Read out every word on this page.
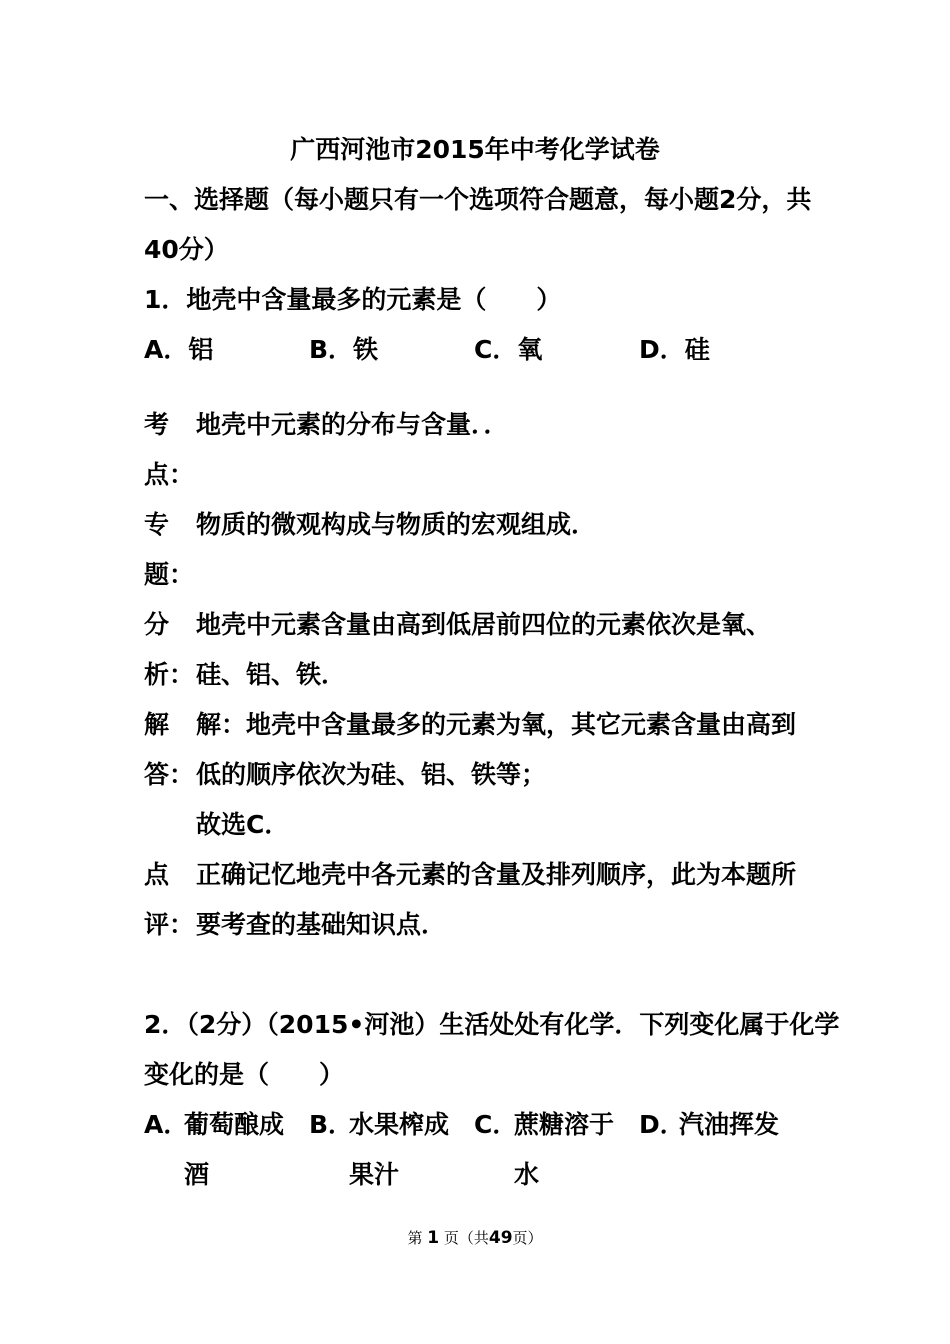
广西河池市2015年中考化学试卷
一、选择题（每小题只有一个选项符合题意，每小题2分，共
40分）
1．地壳中含量最多的元素是（　　）
A．铝	B．铁	C．氧	D．硅
考 地壳中元素的分布与含量．．
点：
专 物质的微观构成与物质的宏观组成．
题：
分 地壳中元素含量由高到低居前四位的元素依次是氧、
析： 硅、铝、铁．
解 解：地壳中含量最多的元素为氧，其它元素含量由高到
答： 低的顺序依次为硅、铝、铁等；
故选C．
点 正确记忆地壳中各元素的含量及排列顺序，此为本题所
评： 要考查的基础知识点．
2．（2分）（2015•河池）生活处处有化学．下列变化属于化学
变化的是（　　）
A．
葡萄酿成
酒
B．
水果榨成
果汁
C．
蔗糖溶于
水
D．
汽油挥发
第 1 页（共49页）
